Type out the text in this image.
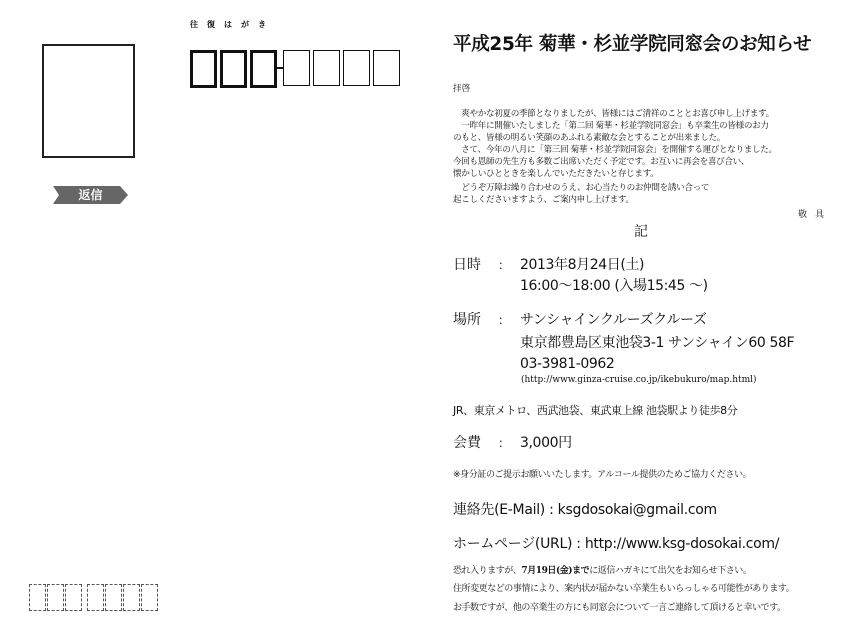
往復はがき
返信
平成25年 菊華・杉並学院同窓会のお知らせ
拝啓
　爽やかな初夏の季節となりましたが、皆様にはご清祥のこととお喜び申し上げます。
　一昨年に開催いたしました「第二回 菊華・杉並学院同窓会」も卒業生の皆様のお力
のもと、皆様の明るい笑顔のあふれる素敵な会とすることが出来ました。
　さて、今年の八月に「第三回 菊華・杉並学院同窓会」を開催する運びとなりました。
今回も恩師の先生方も多数ご出席いただく予定です。お互いに再会を喜び合い、
懐かしいひとときを楽しんでいただきたいと存じます。
　どうぞ万障お繰り合わせのうえ、お心当たりのお仲間を誘い合って
起こしくださいますよう、ご案内申し上げます。
敬具
記
日時 ： 2013年8月24日(土)
16:00〜18:00 (入場15:45 〜)
場所 ： サンシャインクルーズクルーズ
東京都豊島区東池袋3-1 サンシャイン60 58F
03-3981-0962
(http://www.ginza-cruise.co.jp/ikebukuro/map.html)
JR、東京メトロ、西武池袋、東武東上線 池袋駅より徒歩8分
会費 ： 3,000円
※身分証のご提示お願いいたします。アルコール提供のためご協力ください。
連絡先(E-Mail) : ksgdosokai@gmail.com
ホームページ(URL) : http://www.ksg-dosokai.com/
恐れ入りますが、7月19日(金)までに返信ハガキにて出欠をお知らせ下さい。
住所変更などの事情により、案内状が届かない卒業生もいらっしゃる可能性があります。
お手数ですが、他の卒業生の方にも同窓会について一言ご連絡して頂けると幸いです。
